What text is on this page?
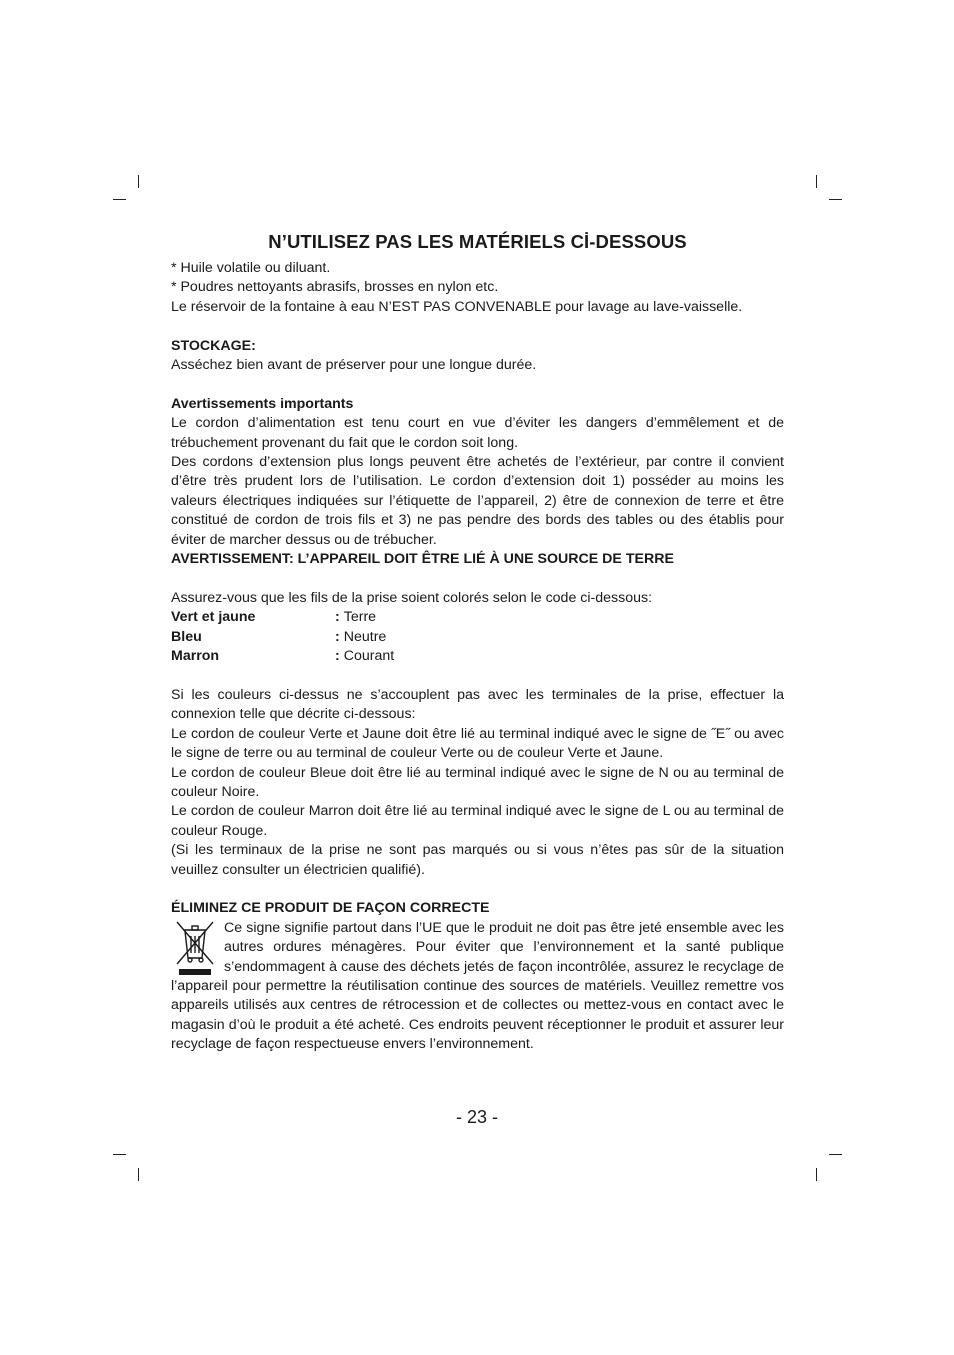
N’UTILISEZ PAS LES MATÉRIELS Cİ-DESSOUS

* Huile volatile ou diluant.

* Poudres nettoyants abrasifs, brosses en nylon etc.

Le réservoir de la fontaine à eau N’EST PAS CONVENABLE pour lavage au lave-vaisselle.

STOCKAGE:

Asséchez bien avant de préserver pour une longue durée.

Avertissements importants

Le cordon d’alimentation est tenu court en vue d’éviter les dangers d’emmêlement et de trébuchement provenant du fait que le cordon soit long.

Des cordons d’extension plus longs peuvent être achetés de l’extérieur, par contre il convient d’être très prudent lors de l’utilisation. Le cordon d’extension doit 1) posséder au moins les valeurs électriques indiquées sur l’étiquette de l’appareil, 2) être de connexion de terre et être constitué de cordon de trois fils et 3) ne pas pendre des bords des tables ou des établis pour éviter de marcher dessus ou de trébucher.

AVERTISSEMENT: L’APPAREIL DOIT ÊTRE LIÉ À UNE SOURCE DE TERRE

Assurez-vous que les fils de la prise soient colorés selon le code ci-dessous:

Vert et jaune	: Terre
Bleu	: Neutre
Marron	: Courant

Si les couleurs ci-dessus ne s’accouplent pas avec les terminales de la prise, effectuer la connexion telle que décrite ci-dessous:

Le cordon de couleur Verte et Jaune doit être lié au terminal indiqué avec le signe de ˝E˝ ou avec le signe de terre ou au terminal de couleur Verte ou de couleur Verte et Jaune.

Le cordon de couleur Bleue doit être lié au terminal indiqué avec le signe de N ou au terminal de couleur Noire.

Le cordon de couleur Marron doit être lié au terminal indiqué avec le signe de L ou au terminal de couleur Rouge.

(Si les terminaux de la prise ne sont pas marqués ou si vous n’êtes pas sûr de la situation veuillez consulter un électricien qualifié).

ÉLIMINEZ CE PRODUIT DE FAÇON CORRECTE

Ce signe signifie partout dans l’UE que le produit ne doit pas être jeté ensemble avec les autres ordures ménagères. Pour éviter que l’environnement et la santé publique s’endommagent à cause des déchets jetés de façon incontrôlée, assurez le recyclage de l’appareil pour permettre la réutilisation continue des sources de matériels. Veuillez remettre vos appareils utilisés aux centres de rétrocession et de collectes ou mettez-vous en contact avec le magasin d’où le produit a été acheté. Ces endroits peuvent réceptionner le produit et assurer leur recyclage de façon respectueuse envers l’environnement.

- 23 -
